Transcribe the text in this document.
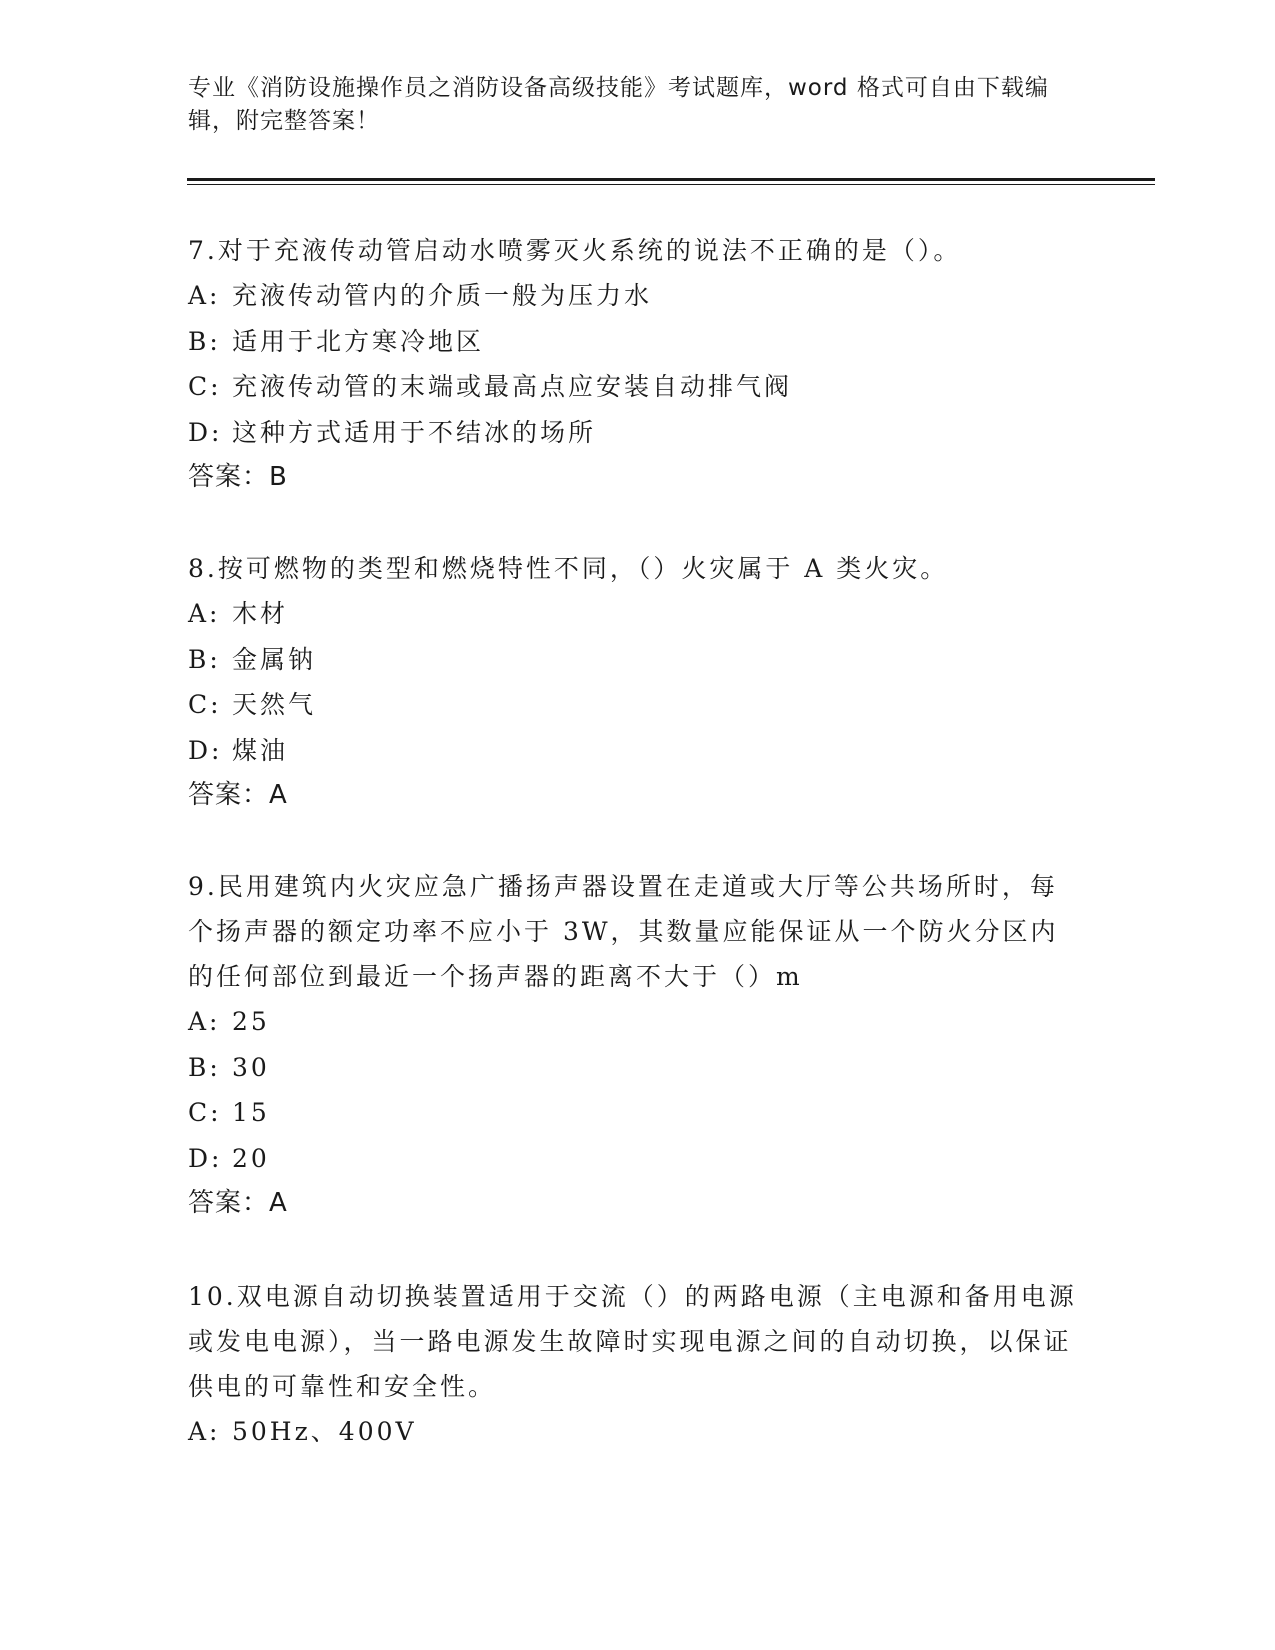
专业《消防设施操作员之消防设备高级技能》考试题库，word 格式可自由下载编辑，附完整答案！

7.对于充液传动管启动水喷雾灭火系统的说法不正确的是（）。

A: 充液传动管内的介质一般为压力水

B: 适用于北方寒冷地区

C: 充液传动管的末端或最高点应安装自动排气阀

D: 这种方式适用于不结冰的场所

答案：B

8.按可燃物的类型和燃烧特性不同，（）火灾属于 A 类火灾。

A: 木材

B: 金属钠

C: 天然气

D: 煤油

答案：A

9.民用建筑内火灾应急广播扬声器设置在走道或大厅等公共场所时，每个扬声器的额定功率不应小于 3W，其数量应能保证从一个防火分区内的任何部位到最近一个扬声器的距离不大于（）m

A: 25

B: 30

C: 15

D: 20

答案：A

10.双电源自动切换装置适用于交流（）的两路电源（主电源和备用电源或发电电源），当一路电源发生故障时实现电源之间的自动切换，以保证供电的可靠性和安全性。

A: 50Hz、400V
